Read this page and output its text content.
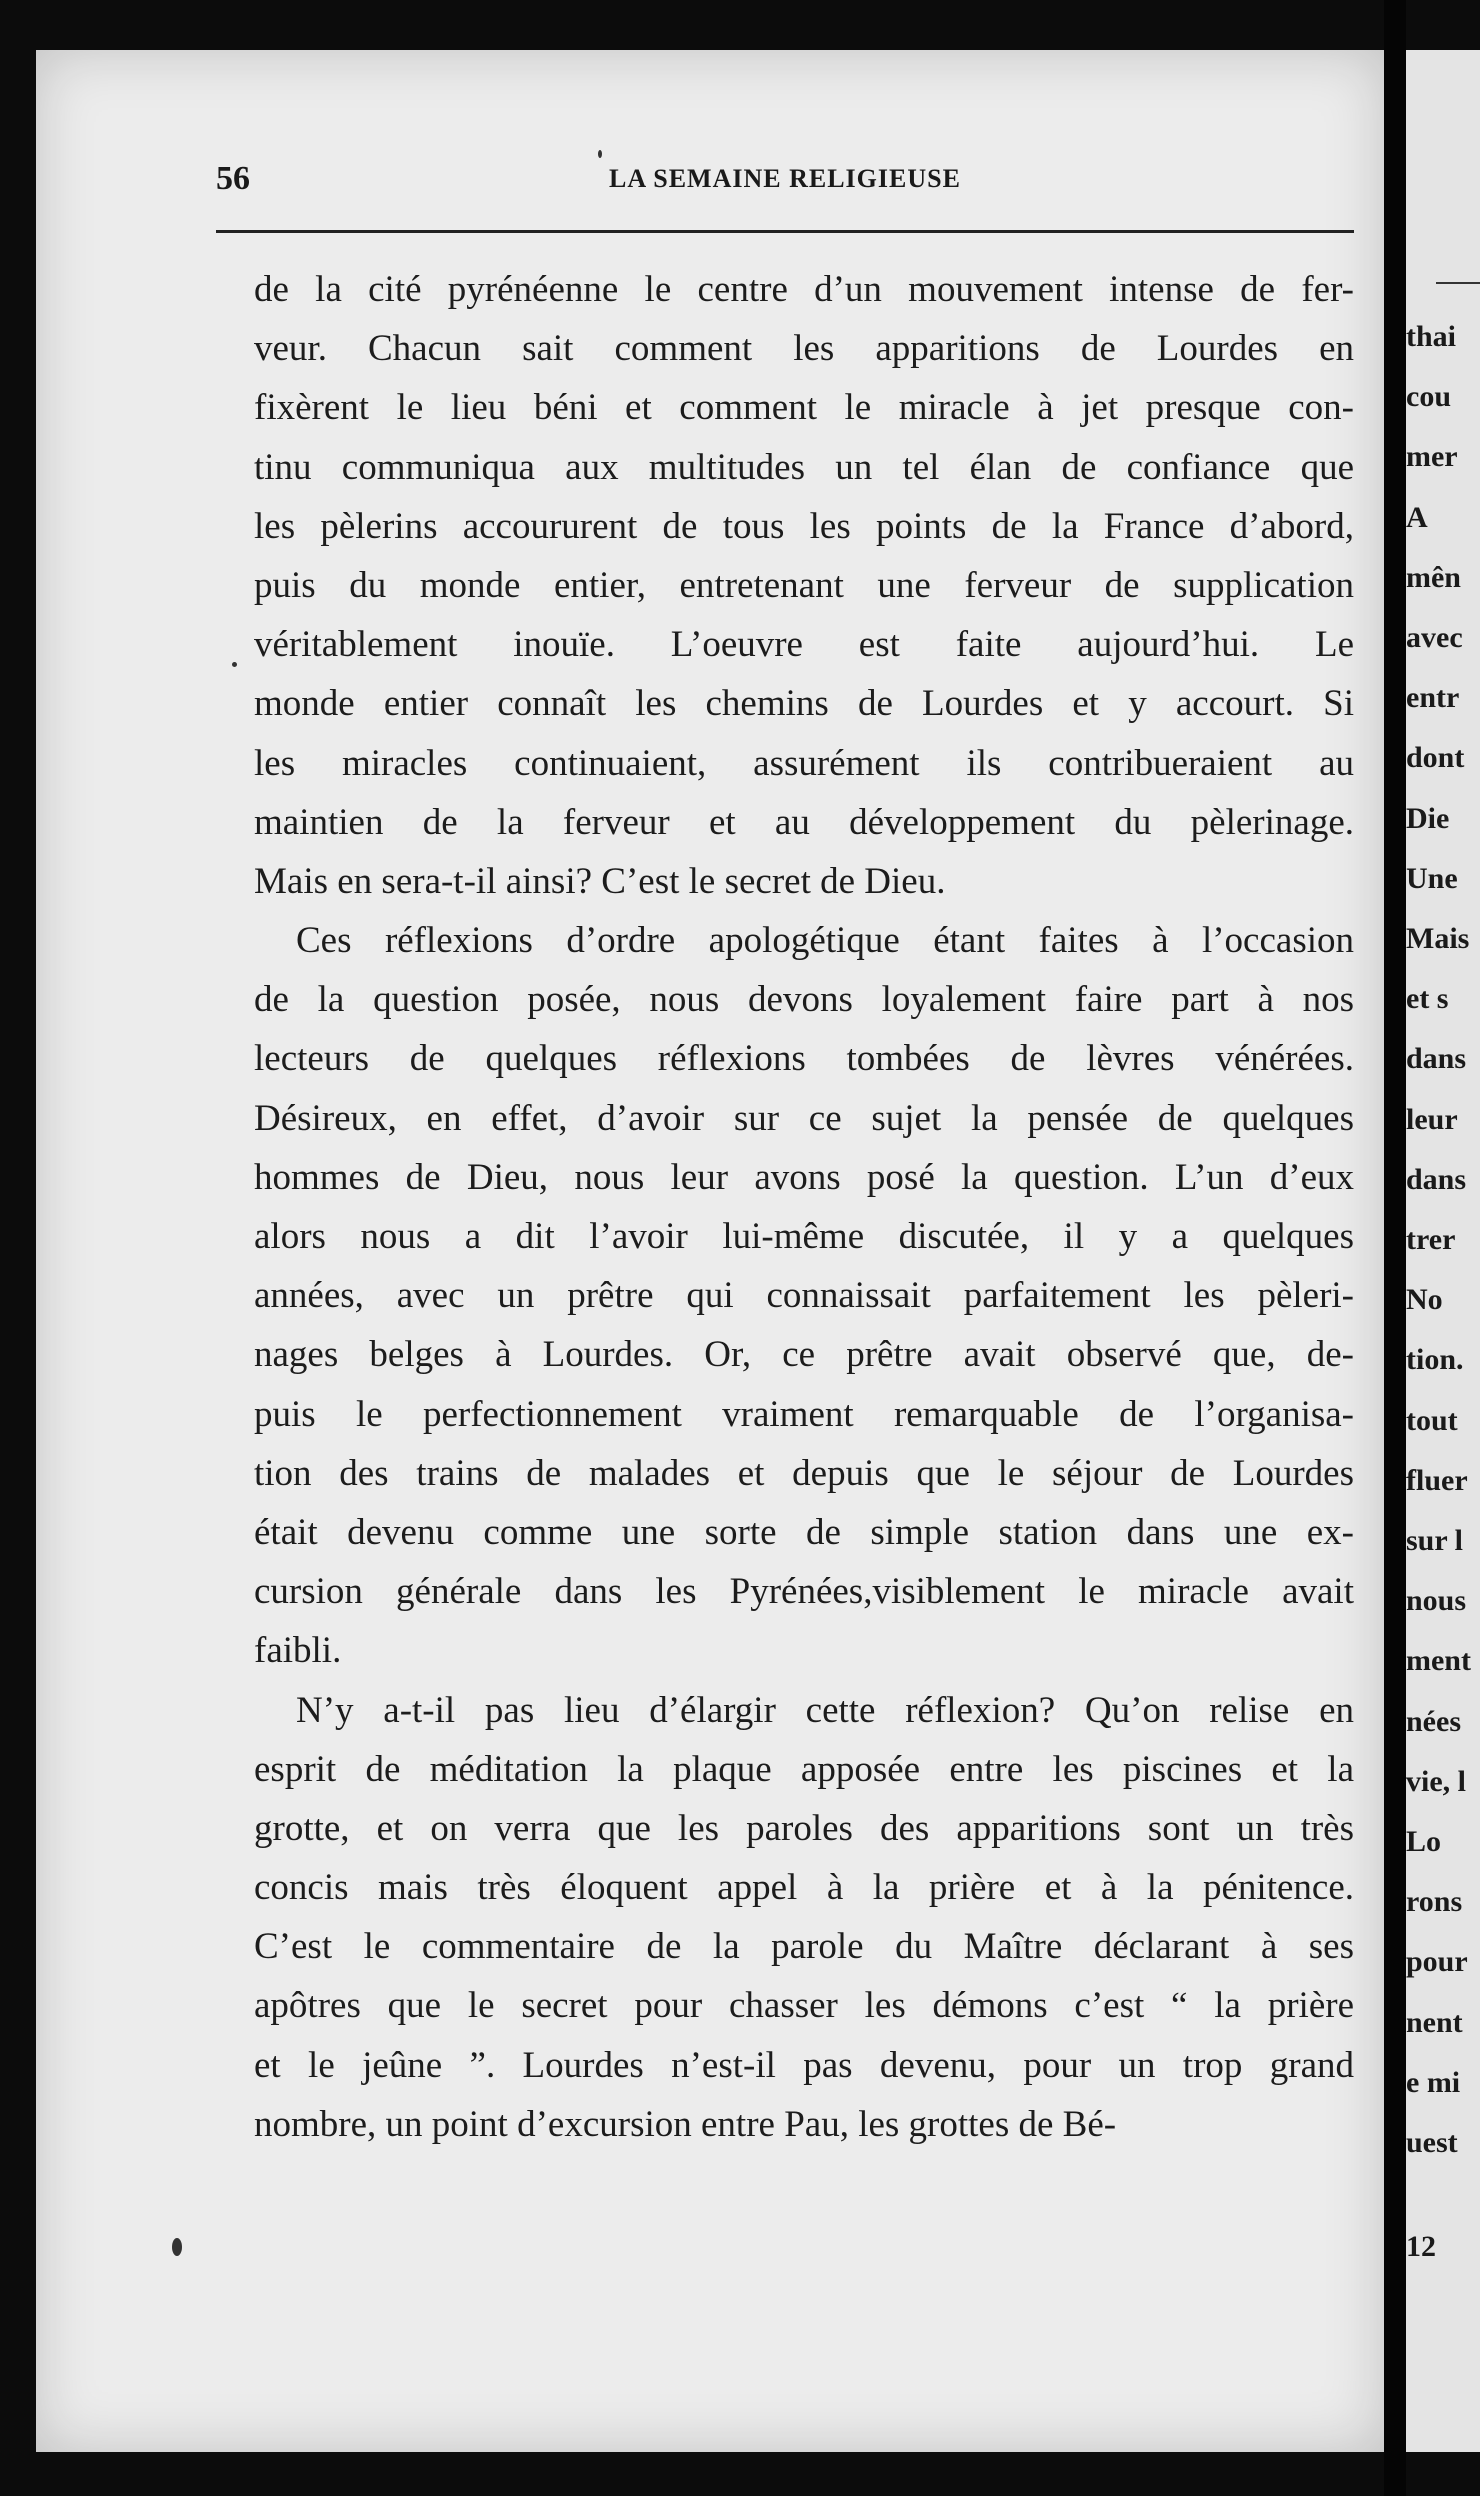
thai
cou
mer
A
mên
avec
entr
dont
Die
Une
Mais
et s
dans
leur
dans
trer
No
tion.
tout
fluer
sur l
nous
ment
nées
vie, l
Lo
rons
pour
nent
e mi
uest
12
56	LA SEMAINE RELIGIEUSE
de la cité pyrénéenne le centre d’un mouvement intense de fer-
veur. Chacun sait comment les apparitions de Lourdes en
fixèrent le lieu béni et comment le miracle à jet presque con-
tinu communiqua aux multitudes un tel élan de confiance que
les pèlerins accoururent de tous les points de la France d’abord,
puis du monde entier, entretenant une ferveur de supplication
véritablement inouïe. L’oeuvre est faite aujourd’hui. Le
monde entier connaît les chemins de Lourdes et y accourt. Si
les miracles continuaient, assurément ils contribueraient au
maintien de la ferveur et au développement du pèlerinage.
Mais en sera-t-il ainsi? C’est le secret de Dieu.
Ces réflexions d’ordre apologétique étant faites à l’occasion
de la question posée, nous devons loyalement faire part à nos
lecteurs de quelques réflexions tombées de lèvres vénérées.
Désireux, en effet, d’avoir sur ce sujet la pensée de quelques
hommes de Dieu, nous leur avons posé la question. L’un d’eux
alors nous a dit l’avoir lui-même discutée, il y a quelques
années, avec un prêtre qui connaissait parfaitement les pèleri-
nages belges à Lourdes. Or, ce prêtre avait observé que, de-
puis le perfectionnement vraiment remarquable de l’organisa-
tion des trains de malades et depuis que le séjour de Lourdes
était devenu comme une sorte de simple station dans une ex-
cursion générale dans les Pyrénées,visiblement le miracle avait
faibli.
N’y a-t-il pas lieu d’élargir cette réflexion? Qu’on relise en
esprit de méditation la plaque apposée entre les piscines et la
grotte, et on verra que les paroles des apparitions sont un très
concis mais très éloquent appel à la prière et à la pénitence.
C’est le commentaire de la parole du Maître déclarant à ses
apôtres que le secret pour chasser les démons c’est “ la prière
et le jeûne ”. Lourdes n’est-il pas devenu, pour un trop grand
nombre, un point d’excursion entre Pau, les grottes de Bé-
